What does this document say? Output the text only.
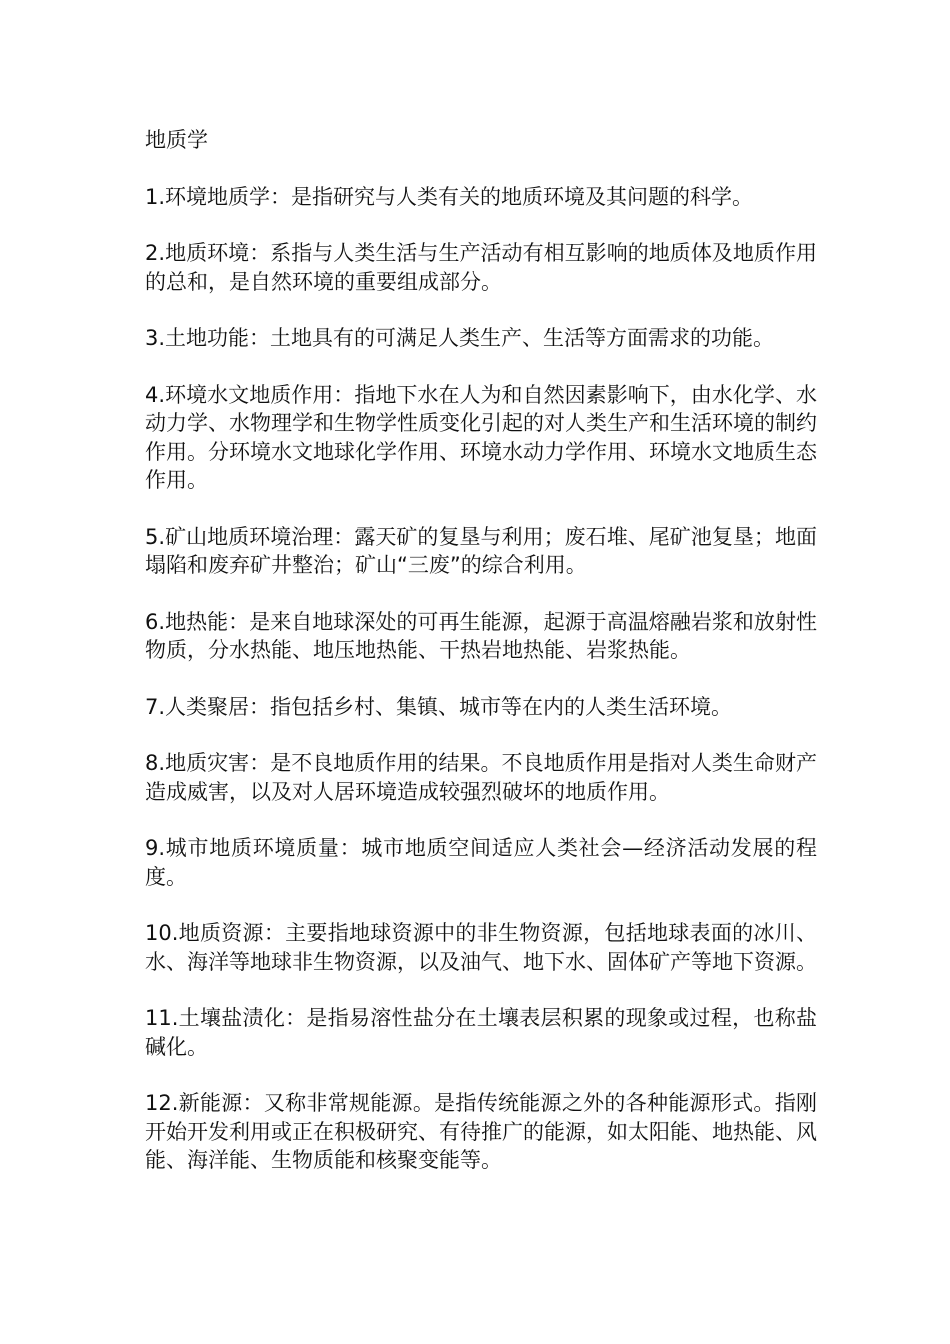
地质学
1.环境地质学：是指研究与人类有关的地质环境及其问题的科学。
2.地质环境：系指与人类生活与生产活动有相互影响的地质体及地质作用的总和，是自然环境的重要组成部分。
3.土地功能：土地具有的可满足人类生产、生活等方面需求的功能。
4.环境水文地质作用：指地下水在人为和自然因素影响下，由水化学、水动力学、水物理学和生物学性质变化引起的对人类生产和生活环境的制约作用。分环境水文地球化学作用、环境水动力学作用、环境水文地质生态作用。
5.矿山地质环境治理：露天矿的复垦与利用；废石堆、尾矿池复垦；地面塌陷和废弃矿井整治；矿山“三废”的综合利用。
6.地热能：是来自地球深处的可再生能源，起源于高温熔融岩浆和放射性物质，分水热能、地压地热能、干热岩地热能、岩浆热能。
7.人类聚居：指包括乡村、集镇、城市等在内的人类生活环境。
8.地质灾害：是不良地质作用的结果。不良地质作用是指对人类生命财产造成威害，以及对人居环境造成较强烈破坏的地质作用。
9.城市地质环境质量：城市地质空间适应人类社会—经济活动发展的程度。
10.地质资源：主要指地球资源中的非生物资源，包括地球表面的冰川、水、海洋等地球非生物资源，以及油气、地下水、固体矿产等地下资源。
11.土壤盐渍化：是指易溶性盐分在土壤表层积累的现象或过程，也称盐碱化。
12.新能源：又称非常规能源。是指传统能源之外的各种能源形式。指刚开始开发利用或正在积极研究、有待推广的能源，如太阳能、地热能、风能、海洋能、生物质能和核聚变能等。
